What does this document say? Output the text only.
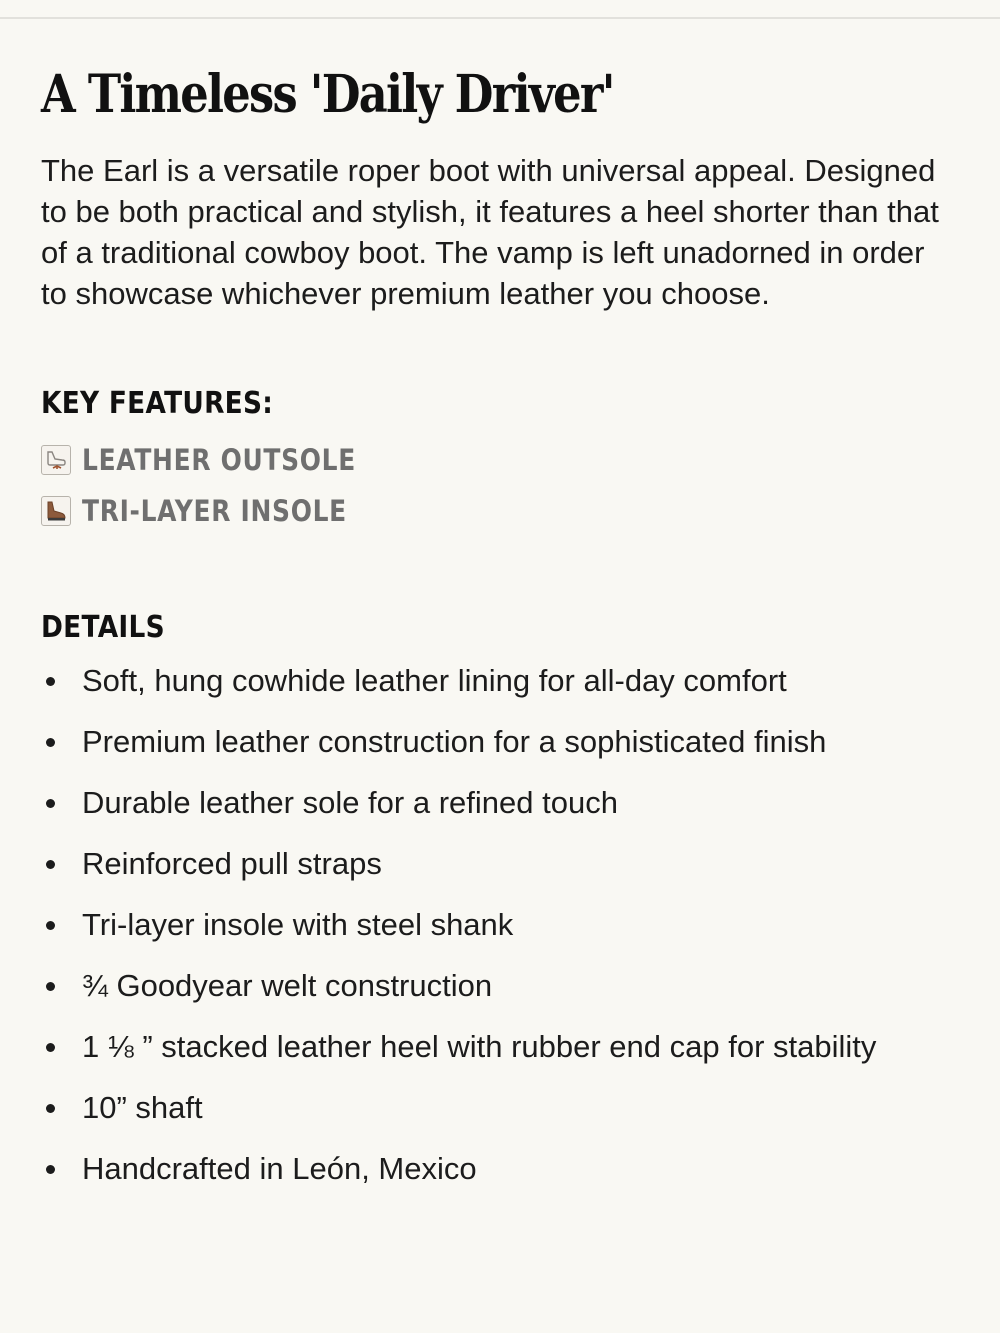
A Timeless 'Daily Driver'

The Earl is a versatile roper boot with universal appeal. Designed to be both practical and stylish, it features a heel shorter than that of a traditional cowboy boot. The vamp is left unadorned in order to showcase whichever premium leather you choose.

KEY FEATURES:
LEATHER OUTSOLE
TRI-LAYER INSOLE
DETAILS
Soft, hung cowhide leather lining for all-day comfort
Premium leather construction for a sophisticated finish
Durable leather sole for a refined touch
Reinforced pull straps
Tri-layer insole with steel shank
¾ Goodyear welt construction
1 ⅛ ” stacked leather heel with rubber end cap for stability
10” shaft
Handcrafted in León, Mexico
